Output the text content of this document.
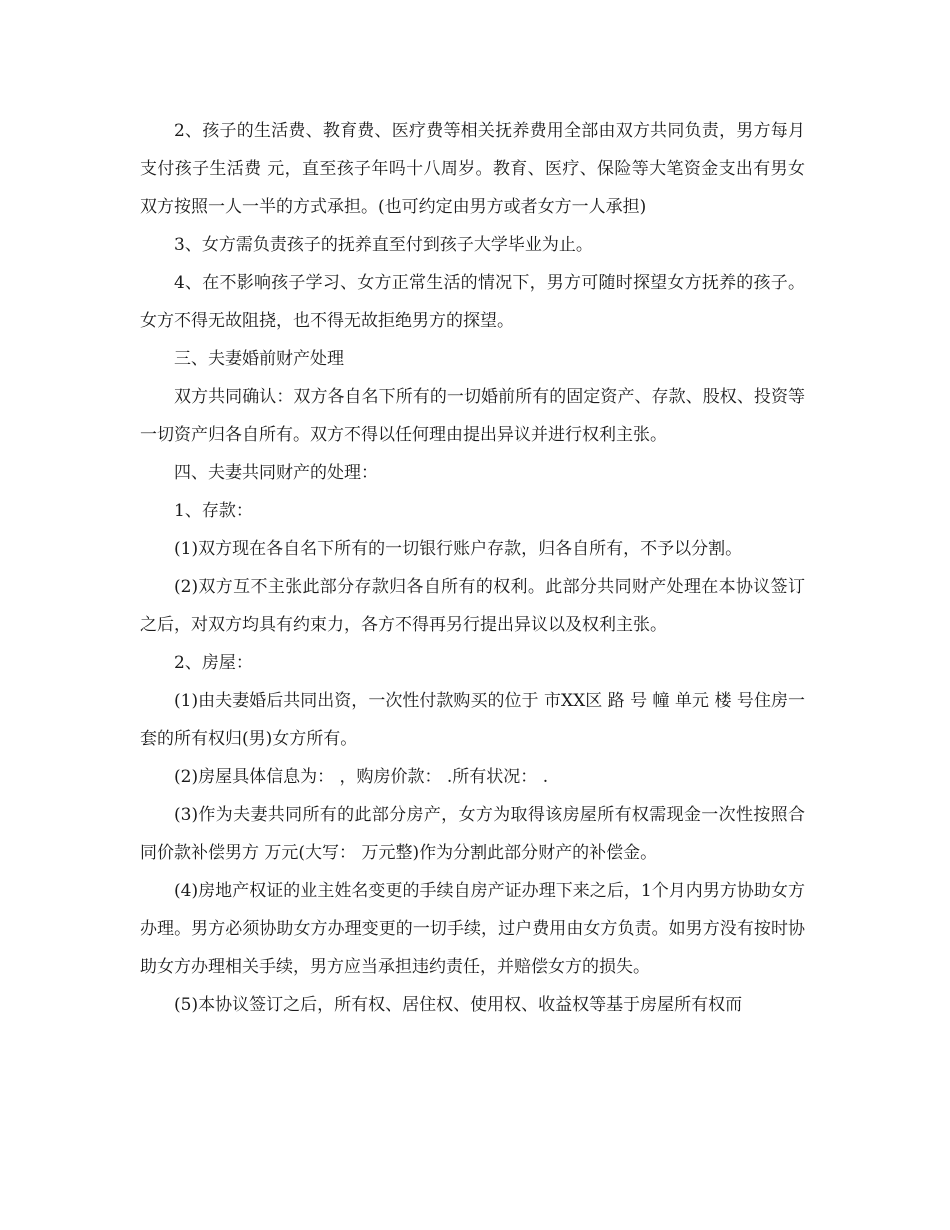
2、孩子的生活费、教育费、医疗费等相关抚养费用全部由双方共同负责，男方每月支付孩子生活费 元，直至孩子年吗十八周岁。教育、医疗、保险等大笔资金支出有男女双方按照一人一半的方式承担。(也可约定由男方或者女方一人承担)

3、女方需负责孩子的抚养直至付到孩子大学毕业为止。

4、在不影响孩子学习、女方正常生活的情况下，男方可随时探望女方抚养的孩子。女方不得无故阻挠，也不得无故拒绝男方的探望。

三、夫妻婚前财产处理

双方共同确认：双方各自名下所有的一切婚前所有的固定资产、存款、股权、投资等一切资产归各自所有。双方不得以任何理由提出异议并进行权利主张。

四、夫妻共同财产的处理：

1、存款：

(1)双方现在各自名下所有的一切银行账户存款，归各自所有，不予以分割。

(2)双方互不主张此部分存款归各自所有的权利。此部分共同财产处理在本协议签订之后，对双方均具有约束力，各方不得再另行提出异议以及权利主张。

2、房屋：

(1)由夫妻婚后共同出资，一次性付款购买的位于 市XX区 路 号 幢 单元 楼 号住房一套的所有权归(男)女方所有。

(2)房屋具体信息为： ，购房价款： .所有状况： .

(3)作为夫妻共同所有的此部分房产，女方为取得该房屋所有权需现金一次性按照合同价款补偿男方 万元(大写： 万元整)作为分割此部分财产的补偿金。

(4)房地产权证的业主姓名变更的手续自房产证办理下来之后，1个月内男方协助女方办理。男方必须协助女方办理变更的一切手续，过户费用由女方负责。如男方没有按时协助女方办理相关手续，男方应当承担违约责任，并赔偿女方的损失。

(5)本协议签订之后，所有权、居住权、使用权、收益权等基于房屋所有权而
